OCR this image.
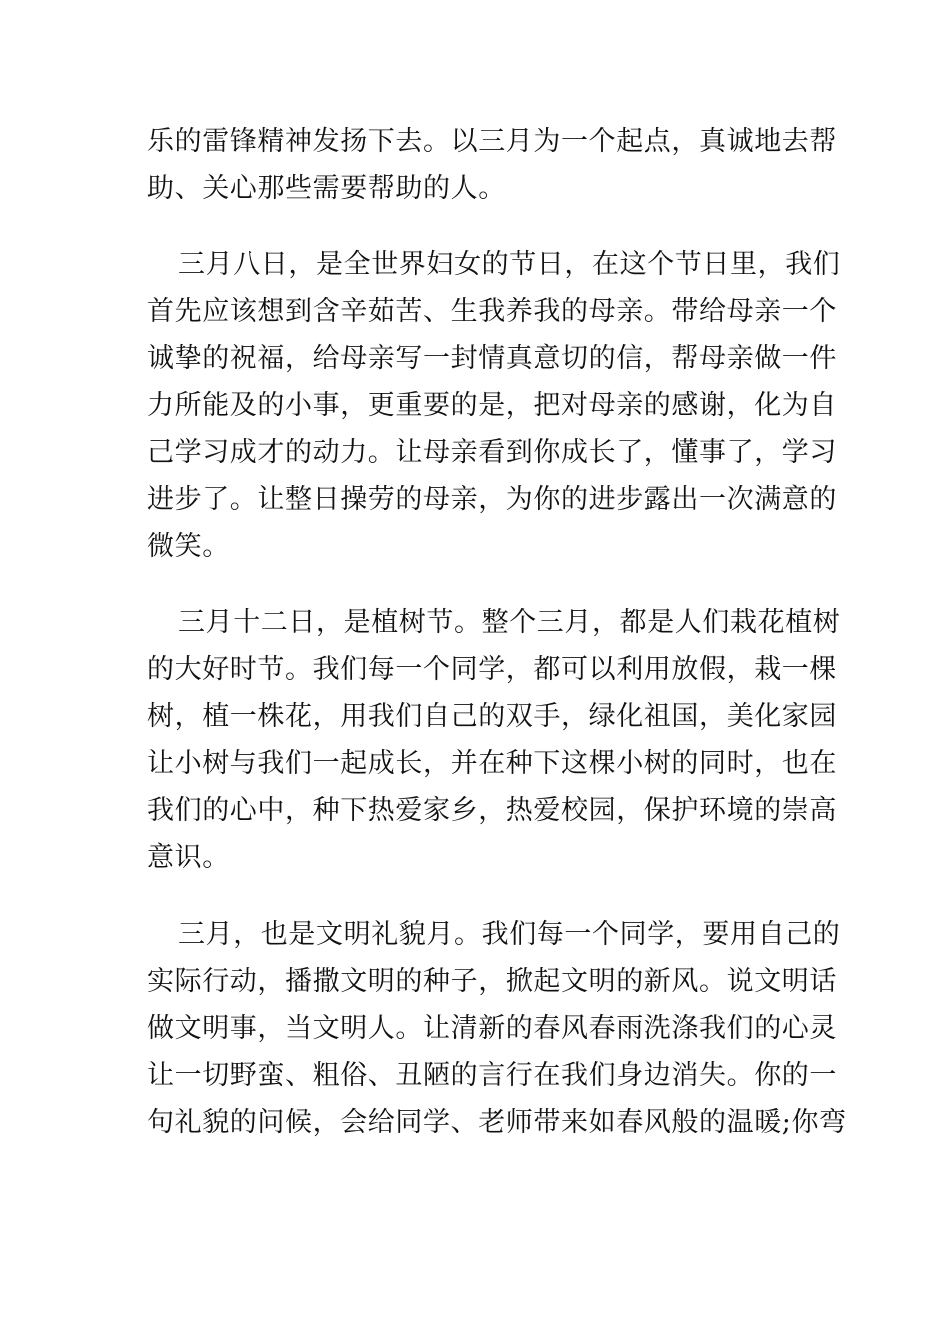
乐的雷锋精神发扬下去。以三月为一个起点，真诚地去帮
助、关心那些需要帮助的人。
三月八日，是全世界妇女的节日，在这个节日里，我们
首先应该想到含辛茹苦、生我养我的母亲。带给母亲一个
诚挚的祝福，给母亲写一封情真意切的信，帮母亲做一件
力所能及的小事，更重要的是，把对母亲的感谢，化为自
己学习成才的动力。让母亲看到你成长了，懂事了，学习
进步了。让整日操劳的母亲，为你的进步露出一次满意的
微笑。
三月十二日，是植树节。整个三月，都是人们栽花植树
的大好时节。我们每一个同学，都可以利用放假，栽一棵
树，植一株花，用我们自己的双手，绿化祖国，美化家园
让小树与我们一起成长，并在种下这棵小树的同时，也在
我们的心中，种下热爱家乡，热爱校园，保护环境的崇高
意识。
三月，也是文明礼貌月。我们每一个同学，要用自己的
实际行动，播撒文明的种子，掀起文明的新风。说文明话
做文明事，当文明人。让清新的春风春雨洗涤我们的心灵
让一切野蛮、粗俗、丑陋的言行在我们身边消失。你的一
句礼貌的问候，会给同学、老师带来如春风般的温暖;你弯
